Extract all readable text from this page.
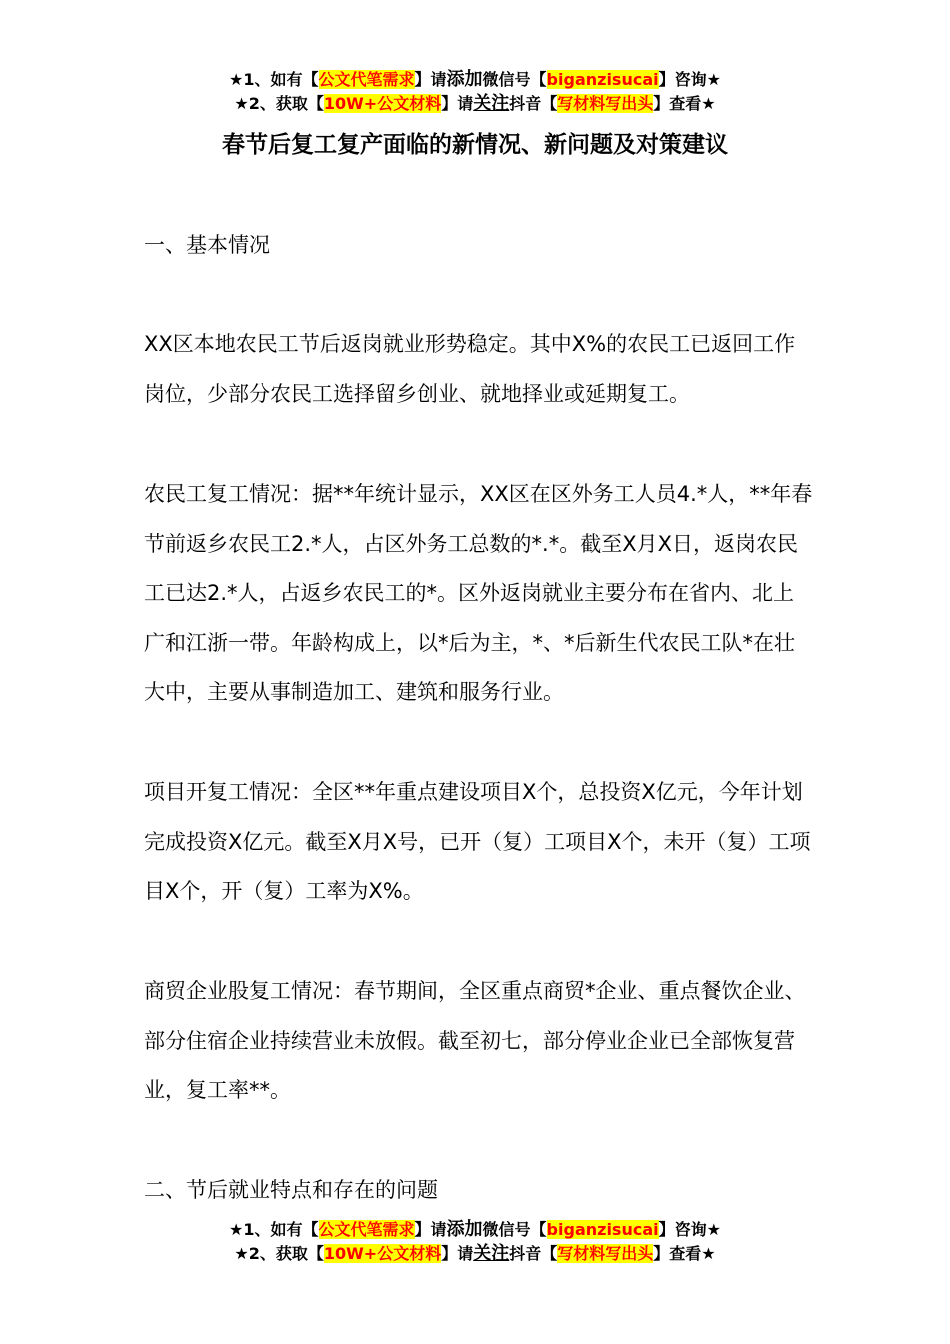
★1、如有【公文代笔需求】请添加微信号【biganzisucai】咨询★
★2、获取【10W+公文材料】请关注抖音【写材料写出头】查看★
春节后复工复产面临的新情况、新问题及对策建议

一、基本情况

XX区本地农民工节后返岗就业形势稳定。其中X%的农民工已返回工作岗位，少部分农民工选择留乡创业、就地择业或延期复工。

农民工复工情况：据**年统计显示，XX区在区外务工人员4.*人，**年春节前返乡农民工2.*人，占区外务工总数的*.*。截至X月X日，返岗农民工已达2.*人，占返乡农民工的*。区外返岗就业主要分布在省内、北上广和江浙一带。年龄构成上，以*后为主，*、*后新生代农民工队*在壮大中，主要从事制造加工、建筑和服务行业。

项目开复工情况：全区**年重点建设项目X个，总投资X亿元，今年计划完成投资X亿元。截至X月X号，已开（复）工项目X个，未开（复）工项目X个，开（复）工率为X%。

商贸企业股复工情况：春节期间，全区重点商贸*企业、重点餐饮企业、部分住宿企业持续营业未放假。截至初七，部分停业企业已全部恢复营业，复工率**。

二、节后就业特点和存在的问题

★1、如有【公文代笔需求】请添加微信号【biganzisucai】咨询★
★2、获取【10W+公文材料】请关注抖音【写材料写出头】查看★
